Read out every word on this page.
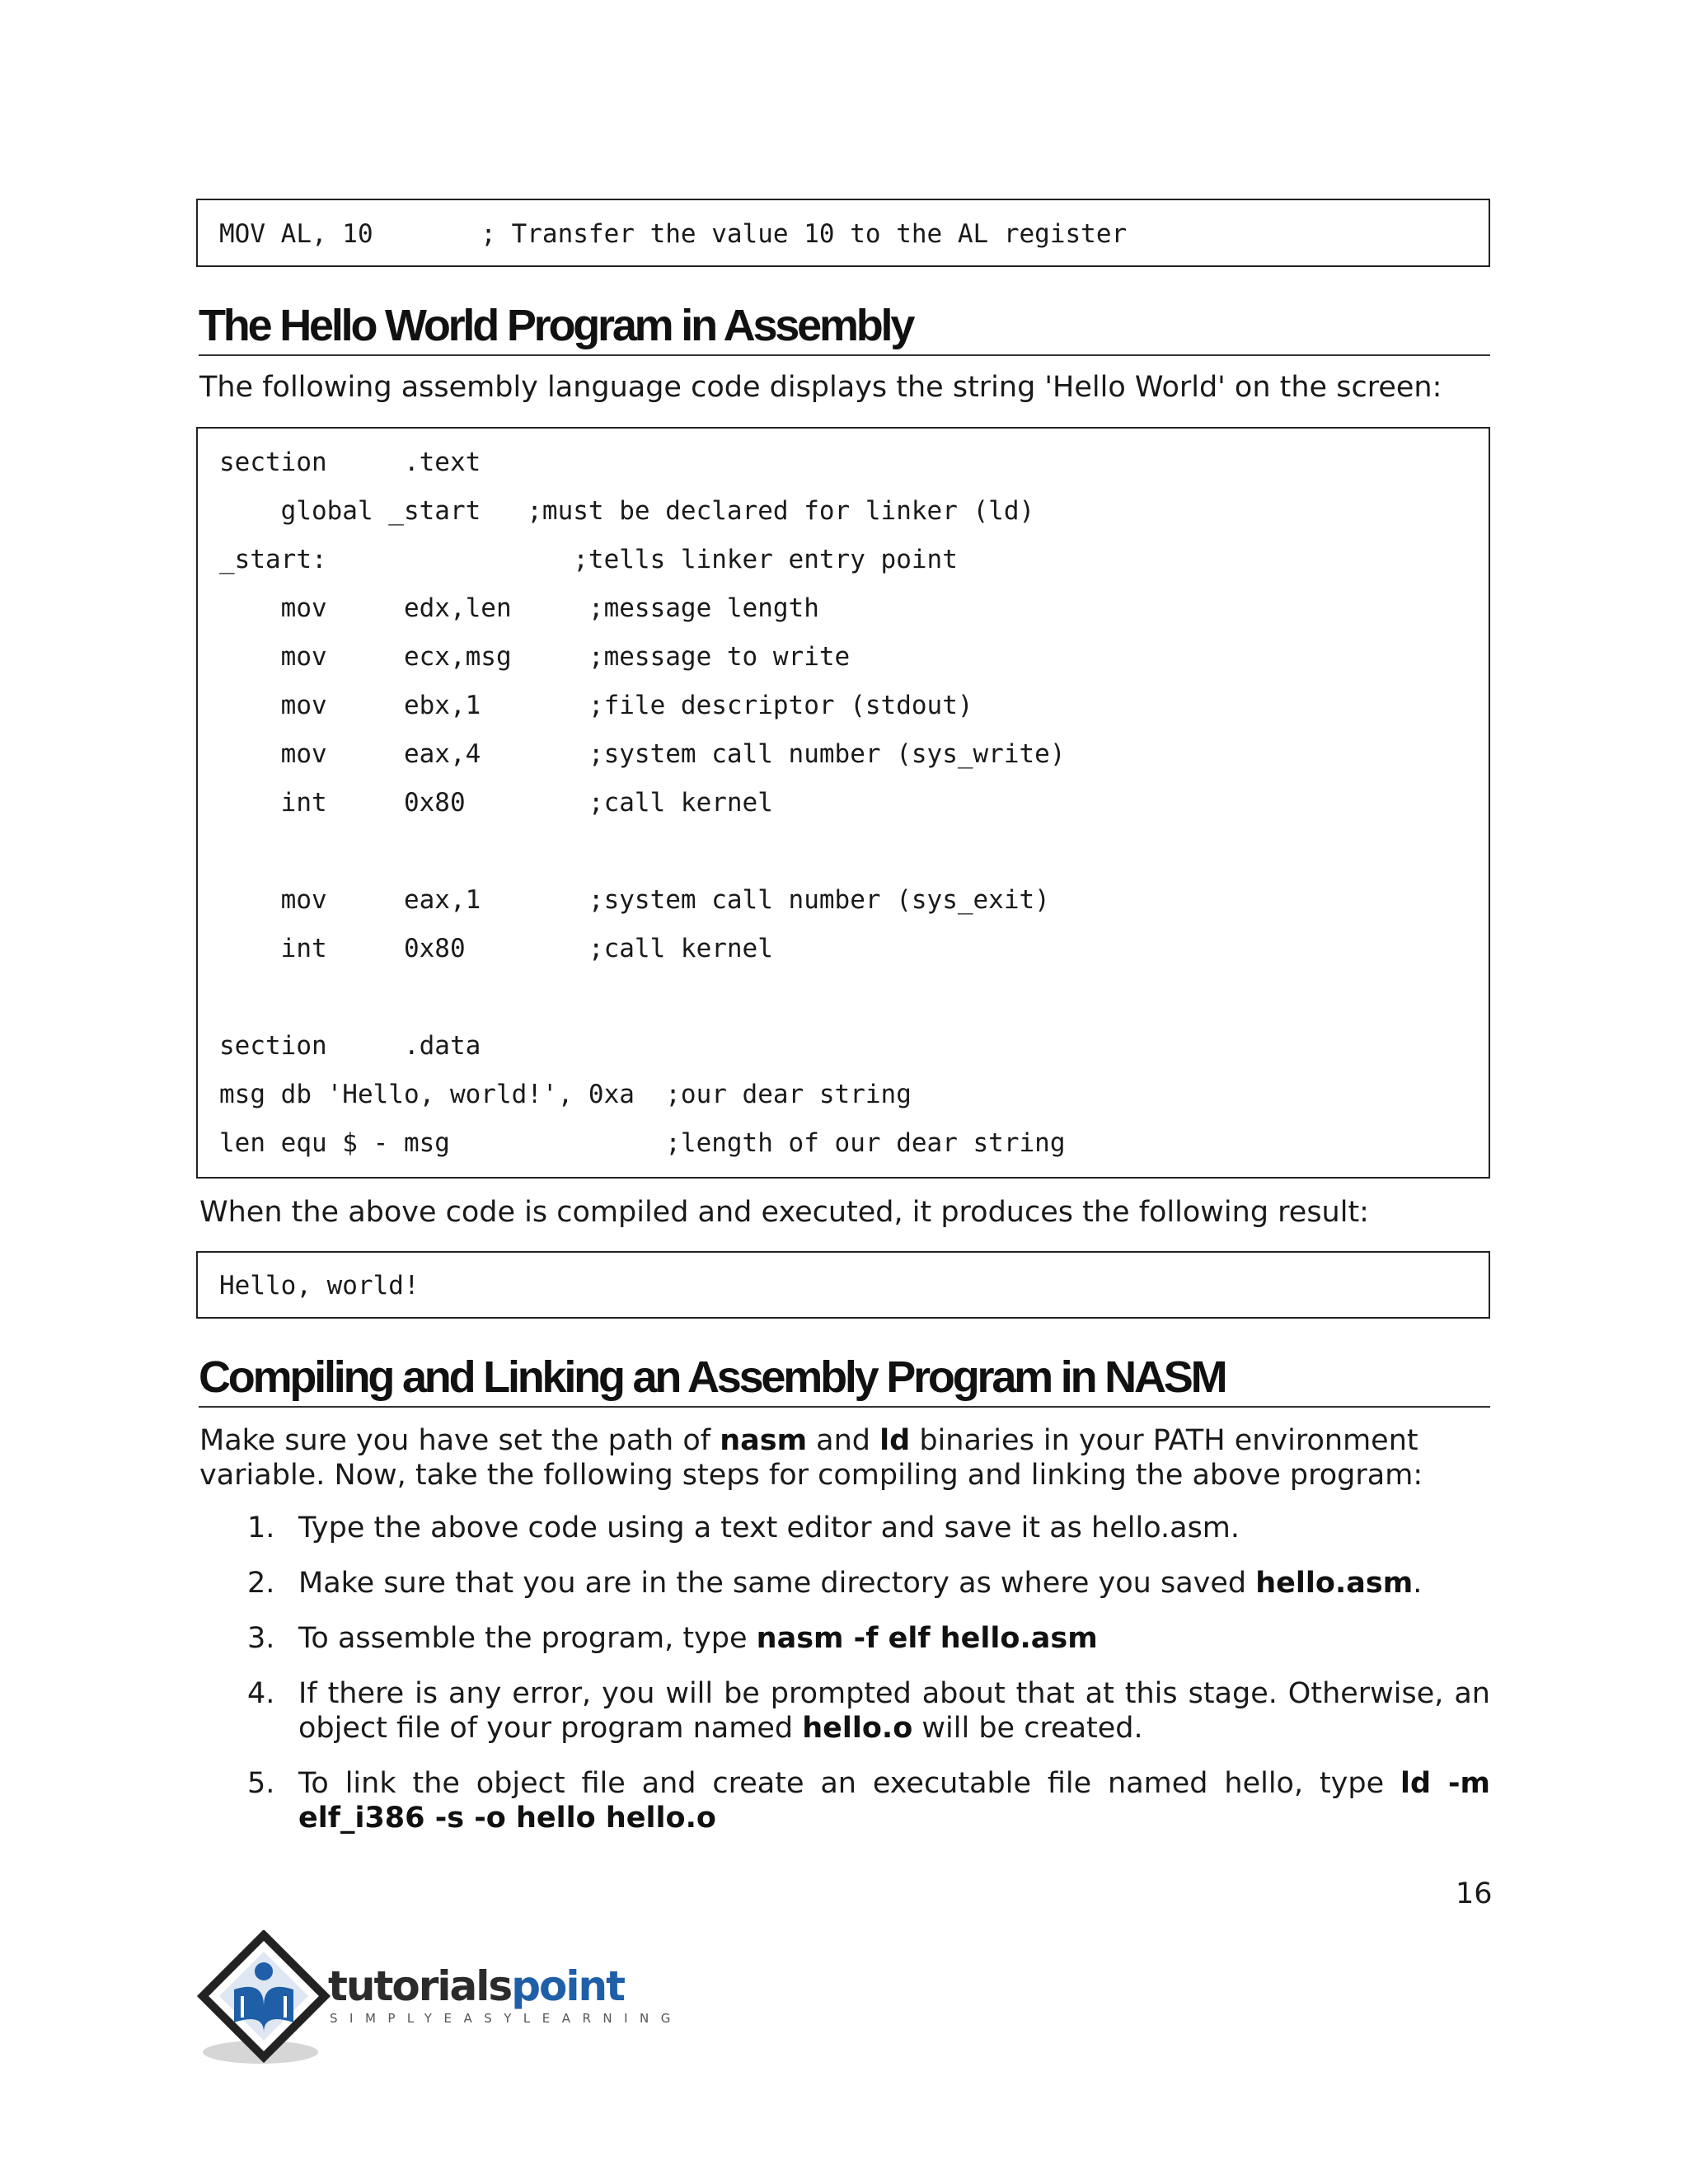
MOV AL, 10       ; Transfer the value 10 to the AL register
The Hello World Program in Assembly

The following assembly language code displays the string 'Hello World' on the screen:

section     .text
global _start   ;must be declared for linker (ld)
_start:                ;tells linker entry point
mov     edx,len     ;message length
mov     ecx,msg     ;message to write
mov     ebx,1       ;file descriptor (stdout)
mov     eax,4       ;system call number (sys_write)
int     0x80        ;call kernel

mov     eax,1       ;system call number (sys_exit)
int     0x80        ;call kernel

section     .data
msg db 'Hello, world!', 0xa  ;our dear string
len equ $ - msg              ;length of our dear string

When the above code is compiled and executed, it produces the following result:

Hello, world!
Compiling and Linking an Assembly Program in NASM

Make sure you have set the path of nasm and ld binaries in your PATH environment variable. Now, take the following steps for compiling and linking the above program:

1. Type the above code using a text editor and save it as hello.asm.
2. Make sure that you are in the same directory as where you saved hello.asm.
3. To assemble the program, type nasm -f elf hello.asm
4. If there is any error, you will be prompted about that at this stage. Otherwise, an object file of your program named hello.o will be created.
5. To link the object file and create an executable file named hello, type ld -m elf_i386 -s -o hello hello.o
16
tutorialspoint
SIMPLYEASYLEARNING
